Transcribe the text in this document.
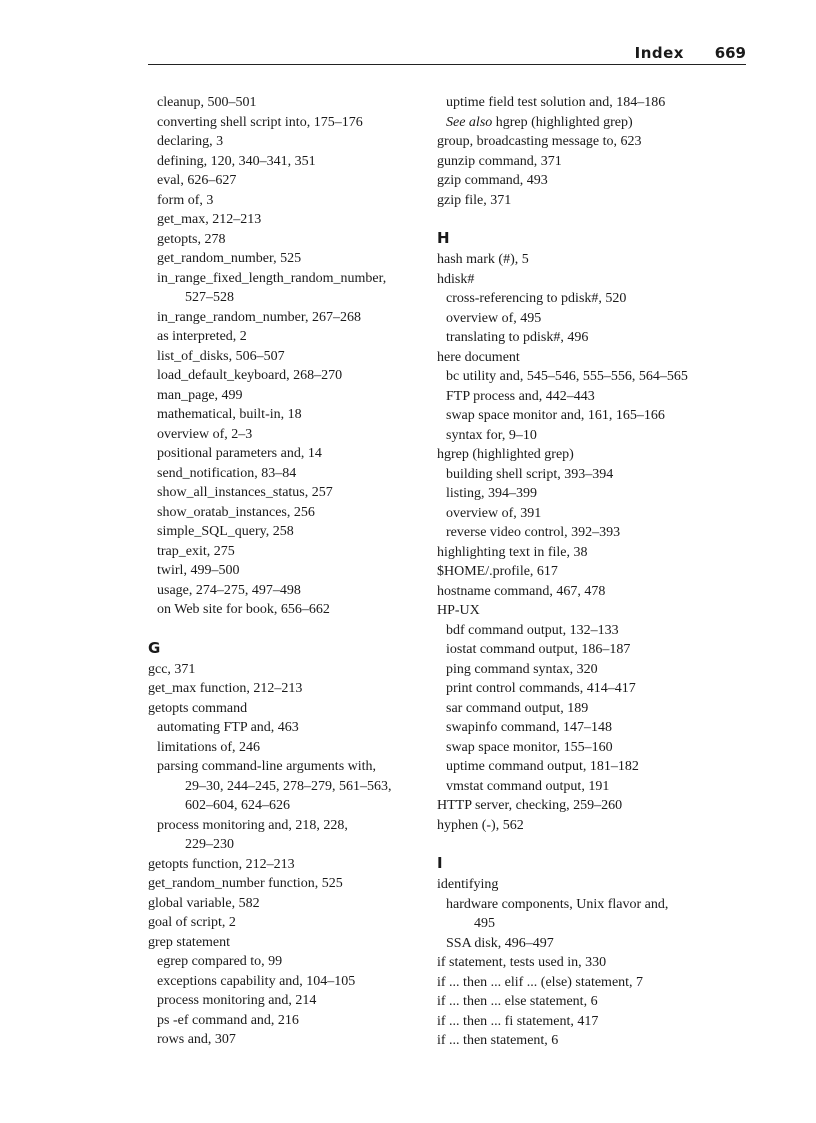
Index 669
cleanup, 500–501
converting shell script into, 175–176
declaring, 3
defining, 120, 340–341, 351
eval, 626–627
form of, 3
get_max, 212–213
getopts, 278
get_random_number, 525
in_range_fixed_length_random_number,
527–528
in_range_random_number, 267–268
as interpreted, 2
list_of_disks, 506–507
load_default_keyboard, 268–270
man_page, 499
mathematical, built-in, 18
overview of, 2–3
positional parameters and, 14
send_notification, 83–84
show_all_instances_status, 257
show_oratab_instances, 256
simple_SQL_query, 258
trap_exit, 275
twirl, 499–500
usage, 274–275, 497–498
on Web site for book, 656–662
G
gcc, 371
get_max function, 212–213
getopts command
automating FTP and, 463
limitations of, 246
parsing command-line arguments with,
29–30, 244–245, 278–279, 561–563,
602–604, 624–626
process monitoring and, 218, 228,
229–230
getopts function, 212–213
get_random_number function, 525
global variable, 582
goal of script, 2
grep statement
egrep compared to, 99
exceptions capability and, 104–105
process monitoring and, 214
ps -ef command and, 216
rows and, 307
uptime field test solution and, 184–186
See also hgrep (highlighted grep)
group, broadcasting message to, 623
gunzip command, 371
gzip command, 493
gzip file, 371
H
hash mark (#), 5
hdisk#
cross-referencing to pdisk#, 520
overview of, 495
translating to pdisk#, 496
here document
bc utility and, 545–546, 555–556, 564–565
FTP process and, 442–443
swap space monitor and, 161, 165–166
syntax for, 9–10
hgrep (highlighted grep)
building shell script, 393–394
listing, 394–399
overview of, 391
reverse video control, 392–393
highlighting text in file, 38
$HOME/.profile, 617
hostname command, 467, 478
HP-UX
bdf command output, 132–133
iostat command output, 186–187
ping command syntax, 320
print control commands, 414–417
sar command output, 189
swapinfo command, 147–148
swap space monitor, 155–160
uptime command output, 181–182
vmstat command output, 191
HTTP server, checking, 259–260
hyphen (-), 562
I
identifying
hardware components, Unix flavor and,
495
SSA disk, 496–497
if statement, tests used in, 330
if ... then ... elif ... (else) statement, 7
if ... then ... else statement, 6
if ... then ... fi statement, 417
if ... then statement, 6
